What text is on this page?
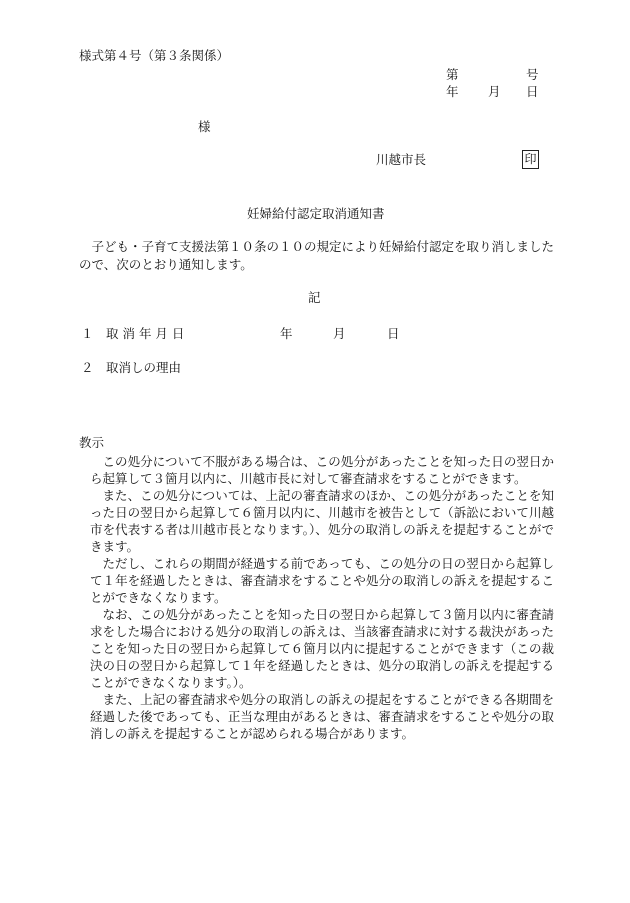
様式第４号（第３条関係）
第	号
年 月 日
様
川越市長	印
妊婦給付認定取消通知書

子ども・子育て支援法第１０条の１０の規定により妊婦給付認定を取り消しましたので、次のとおり通知します。

記
１ 取 消 年 月 日	年	月	日
２ 取消しの理由
教示

この処分について不服がある場合は、この処分があったことを知った日の翌日から起算して３箇月以内に、川越市長に対して審査請求をすることができます。

また、この処分については、上記の審査請求のほか、この処分があったことを知った日の翌日から起算して６箇月以内に、川越市を被告として（訴訟において川越市を代表する者は川越市長となります。）、処分の取消しの訴えを提起することができます。

ただし、これらの期間が経過する前であっても、この処分の日の翌日から起算して１年を経過したときは、審査請求をすることや処分の取消しの訴えを提起することができなくなります。

なお、この処分があったことを知った日の翌日から起算して３箇月以内に審査請求をした場合における処分の取消しの訴えは、当該審査請求に対する裁決があったことを知った日の翌日から起算して６箇月以内に提起することができます（この裁決の日の翌日から起算して１年を経過したときは、処分の取消しの訴えを提起することができなくなります。）。

また、上記の審査請求や処分の取消しの訴えの提起をすることができる各期間を経過した後であっても、正当な理由があるときは、審査請求をすることや処分の取消しの訴えを提起することが認められる場合があります。
